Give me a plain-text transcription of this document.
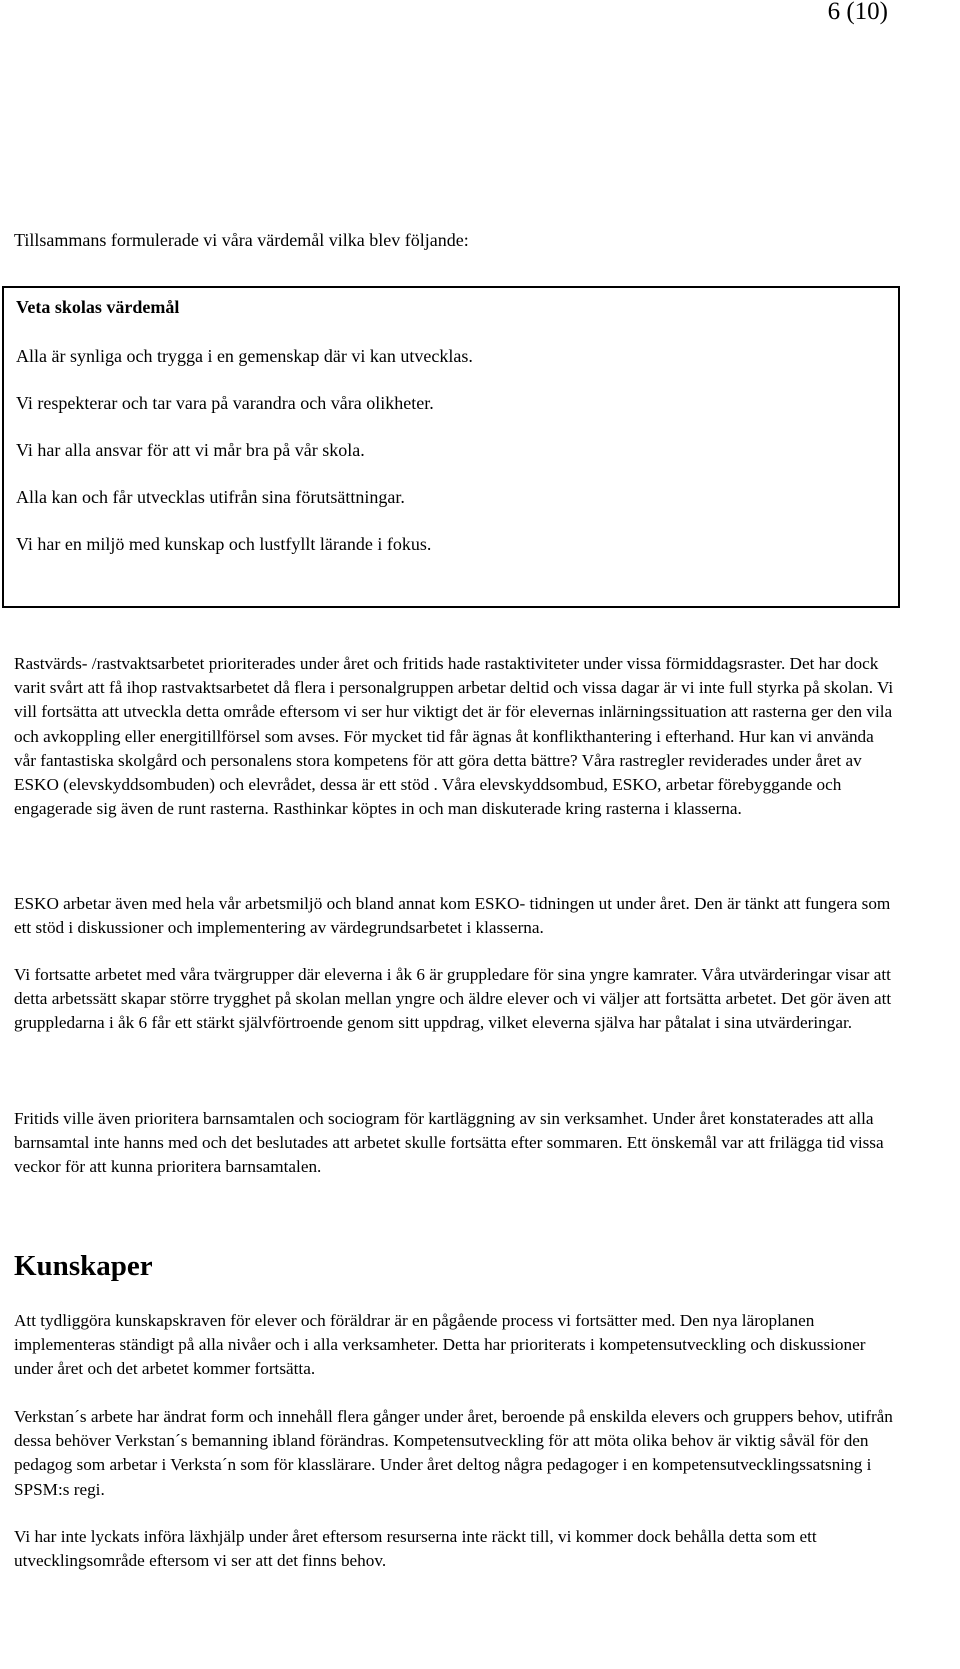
6 (10)

Tillsammans formulerade vi våra värdemål vilka blev följande:

Veta skolas värdemål

Alla är synliga och trygga i en gemenskap där vi kan utvecklas.

Vi respekterar och tar vara på varandra och våra olikheter.

Vi har alla ansvar för att vi mår bra på vår skola.

Alla kan och får utvecklas utifrån sina förutsättningar.

Vi har en miljö med kunskap och lustfyllt lärande i fokus.

Rastvärds- /rastvaktsarbetet prioriterades under året och fritids hade rastaktiviteter under vissa förmiddagsraster. Det har dock varit svårt att få ihop rastvaktsarbetet då flera i personalgruppen arbetar deltid och vissa dagar är vi inte full styrka på skolan. Vi vill fortsätta att utveckla detta område eftersom vi ser hur viktigt det är för elevernas inlärningssituation att rasterna ger den vila och avkoppling eller energitillförsel som avses. För mycket tid får ägnas åt konflikthantering i efterhand. Hur kan vi använda vår fantastiska skolgård och personalens stora kompetens för att göra detta bättre? Våra rastregler reviderades under året av ESKO (elevskyddsombuden) och elevrådet, dessa är ett stöd . Våra elevskyddsombud, ESKO, arbetar förebyggande och engagerade sig även de runt rasterna. Rasthinkar köptes in och man diskuterade kring rasterna i klasserna.

ESKO arbetar även med hela vår arbetsmiljö och bland annat kom ESKO- tidningen ut under året. Den är tänkt att fungera som ett stöd i diskussioner och implementering av värdegrundsarbetet i klasserna.

Vi fortsatte arbetet med våra tvärgrupper där eleverna i åk 6 är gruppledare för sina yngre kamrater. Våra utvärderingar visar att detta arbetssätt skapar större trygghet på skolan mellan yngre och äldre elever och vi väljer att fortsätta arbetet. Det gör även att gruppledarna i åk 6 får ett stärkt självförtroende genom sitt uppdrag, vilket eleverna själva har påtalat i sina utvärderingar.

Fritids ville även prioritera barnsamtalen och sociogram för kartläggning av sin verksamhet. Under året konstaterades att alla barnsamtal inte hanns med och det beslutades att arbetet skulle fortsätta efter sommaren. Ett önskemål var att frilägga tid vissa veckor för att kunna prioritera barnsamtalen.

Kunskaper

Att tydliggöra kunskapskraven för elever och föräldrar är en pågående process vi fortsätter med. Den nya läroplanen implementeras ständigt på alla nivåer och i alla verksamheter. Detta har prioriterats i kompetensutveckling och diskussioner under året och det arbetet kommer fortsätta.

Verkstan´s arbete har ändrat form och innehåll flera gånger under året, beroende på enskilda elevers och gruppers behov, utifrån dessa behöver Verkstan´s bemanning ibland förändras. Kompetensutveckling för att möta olika behov är viktig såväl för den pedagog som arbetar i Verksta´n som för klasslärare. Under året deltog några pedagoger i en kompetensutvecklingssatsning i SPSM:s regi.

Vi har inte lyckats införa läxhjälp under året eftersom resurserna inte räckt till, vi kommer dock behålla detta som ett utvecklingsområde eftersom vi ser att det finns behov.
